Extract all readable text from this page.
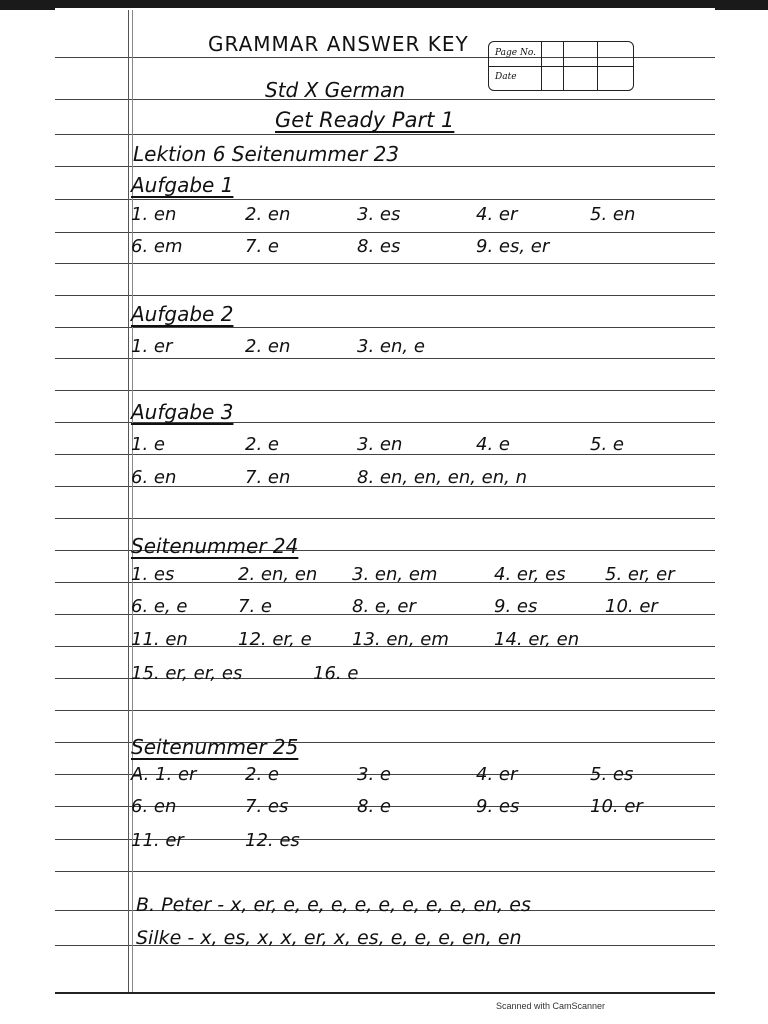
Page No.
Date
GRAMMAR ANSWER KEY
Std X German
Get Ready Part 1
Lektion 6 Seitenummer 23
Aufgabe 1
1. en	2. en	3. es	4. er	5. en
6. em	7. e	8. es	9. es, er
Aufgabe 2
1. er	2. en	3. en, e
Aufgabe 3
1. e	2. e	3. en	4. e	5. e
6. en	7. en	8. en, en, en, en, n
Seitenummer 24
1. es	2. en, en 3. en, em	4. er, es 5. er, er
6. e, e	7. e	8. e, er	9. es	10. er
11. en	12. er, e 13. en, em	14. er, en
15. er, er, es	16. e
Seitenummer 25
A. 1. er	2. e	3. e	4. er	5. es
6. en	7. es	8. e	9. es	10. er
11. er	12. es
B. Peter - x, er, e, e, e, e, e, e, e, e, en, es
Silke - x, es, x, x, er, x, es, e, e, e, en, en
Scanned with CamScanner
